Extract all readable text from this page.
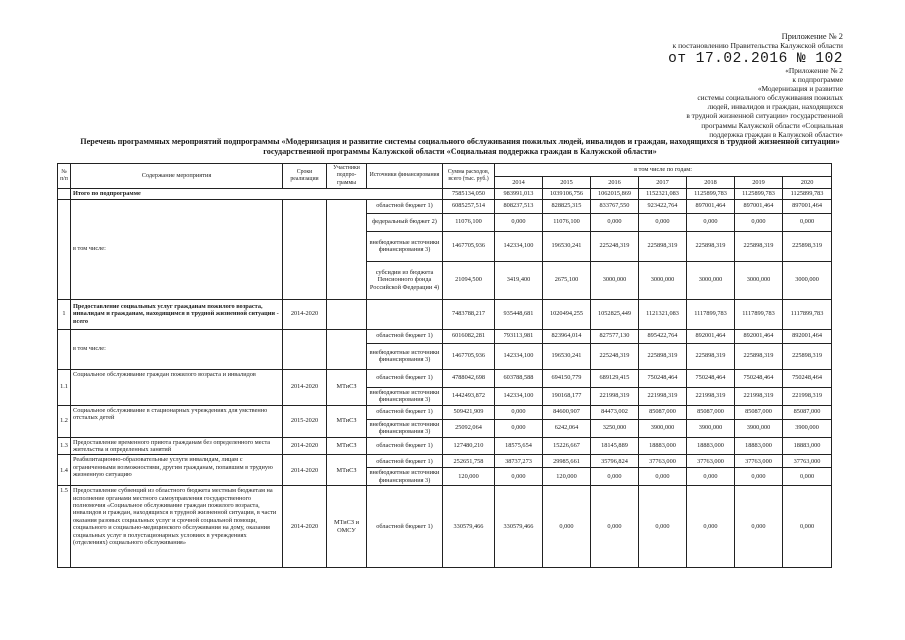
Приложение № 2
к постановлению Правительства Калужской области
от 17.02.2016 № 102
«Приложение № 2
к подпрограмме
«Модернизация и развитие
системы социального обслуживания пожилых
людей, инвалидов и граждан, находящихся
в трудной жизненной ситуации» государственной
программы Калужской области «Социальная
поддержка граждан в Калужской области»
Перечень программных мероприятий подпрограммы «Модернизация и развитие системы социального обслуживания пожилых людей, инвалидов и граждан, находящихся в трудной жизненной ситуации»
государственной программы Калужской области «Социальная поддержка граждан в Калужской области»
№ п/п	Содержание мероприятия	Сроки реализации	Участники подпро-граммы	Источники финансирования	Сумма расходов, всего (тыс. руб.)	в том числе по годам:						
						2014	2015	2016	2017	2018	2019	2020
	Итого по подпрограмме				7585134,050	983991,013	1039106,756	1062015,869	1152321,083	1125899,783	1125899,783	1125899,783
	в том числе:			областной бюджет 1)	6085257,514	808237,513	828825,315	833767,550	923422,764	897001,464	897001,464	897001,464
				федеральный бюджет 2)	11076,100	0,000	11076,100	0,000	0,000	0,000	0,000	0,000
				внебюджетные источники финансирования 3)	1467705,936	142334,100	196530,241	225248,319	225898,319	225898,319	225898,319	225898,319
				субсидии из бюджета Пенсионного фонда Российской Федерации 4)	21094,500	3419,400	2675,100	3000,000	3000,000	3000,000	3000,000	3000,000
1	Предоставление социальных услуг гражданам пожилого возраста, инвалидам и гражданам, находящимся в трудной жизненной ситуации - всего	2014-2020			7483788,217	935448,681	1020494,255	1052825,449	1121321,083	1117899,783	1117899,783	1117899,783
	в том числе:			областной бюджет 1)	6016082,281	793113,981	823964,014	827577,130	895422,764	892001,464	892001,464	892001,464
				внебюджетные источники финансирования 3)	1467705,936	142334,100	196530,241	225248,319	225898,319	225898,319	225898,319	225898,319
1.1	Социальное обслуживание граждан пожилого возраста и инвалидов	2014-2020	МТиСЗ	областной бюджет 1)	4788042,698	603788,588	694150,779	689129,415	750248,464	750248,464	750248,464	750248,464
				внебюджетные источники финансирования 3)	1442493,872	142334,100	190168,177	221998,319	221998,319	221998,319	221998,319	221998,319
1.2	Социальное обслуживание в стационарных учреждениях для умственно отсталых детей	2015-2020	МТиСЗ	областной бюджет 1)	509421,909	0,000	84600,907	84473,002	85087,000	85087,000	85087,000	85087,000
				внебюджетные источники финансирования 3)	25092,064	0,000	6242,064	3250,000	3900,000	3900,000	3900,000	3900,000
1.3	Предоставление временного приюта гражданам без определенного места жительства и определенных занятий	2014-2020	МТиСЗ	областной бюджет 1)	127480,210	18575,654	15226,667	18145,889	18883,000	18883,000	18883,000	18883,000
1.4	Реабилитационно-образовательные услуги инвалидам, лицам с ограниченными возможностями, другим гражданам, попавшим в трудную жизненную ситуацию	2014-2020	МТиСЗ	областной бюджет 1)	252651,758	38737,273	29985,661	35796,824	37763,000	37763,000	37763,000	37763,000
				внебюджетные источники финансирования 3)	120,000	0,000	120,000	0,000	0,000	0,000	0,000	0,000
1.5	Предоставление субвенций из областного бюджета местным бюджетам на исполнение органами местного самоуправления государственного полномочия «Социальное обслуживание граждан пожилого возраста, инвалидов и граждан, находящихся в трудной жизненной ситуации, в части оказания разовых социальных услуг и срочной социальной помощи, социального и социально-медицинского обслуживания на дому, оказания социальных услуг в полустационарных условиях в учреждениях (отделениях) социального обслуживания»	2014-2020	МТиСЗ и ОМСУ	областной бюджет 1)	330579,466	330579,466	0,000	0,000	0,000	0,000	0,000	0,000
